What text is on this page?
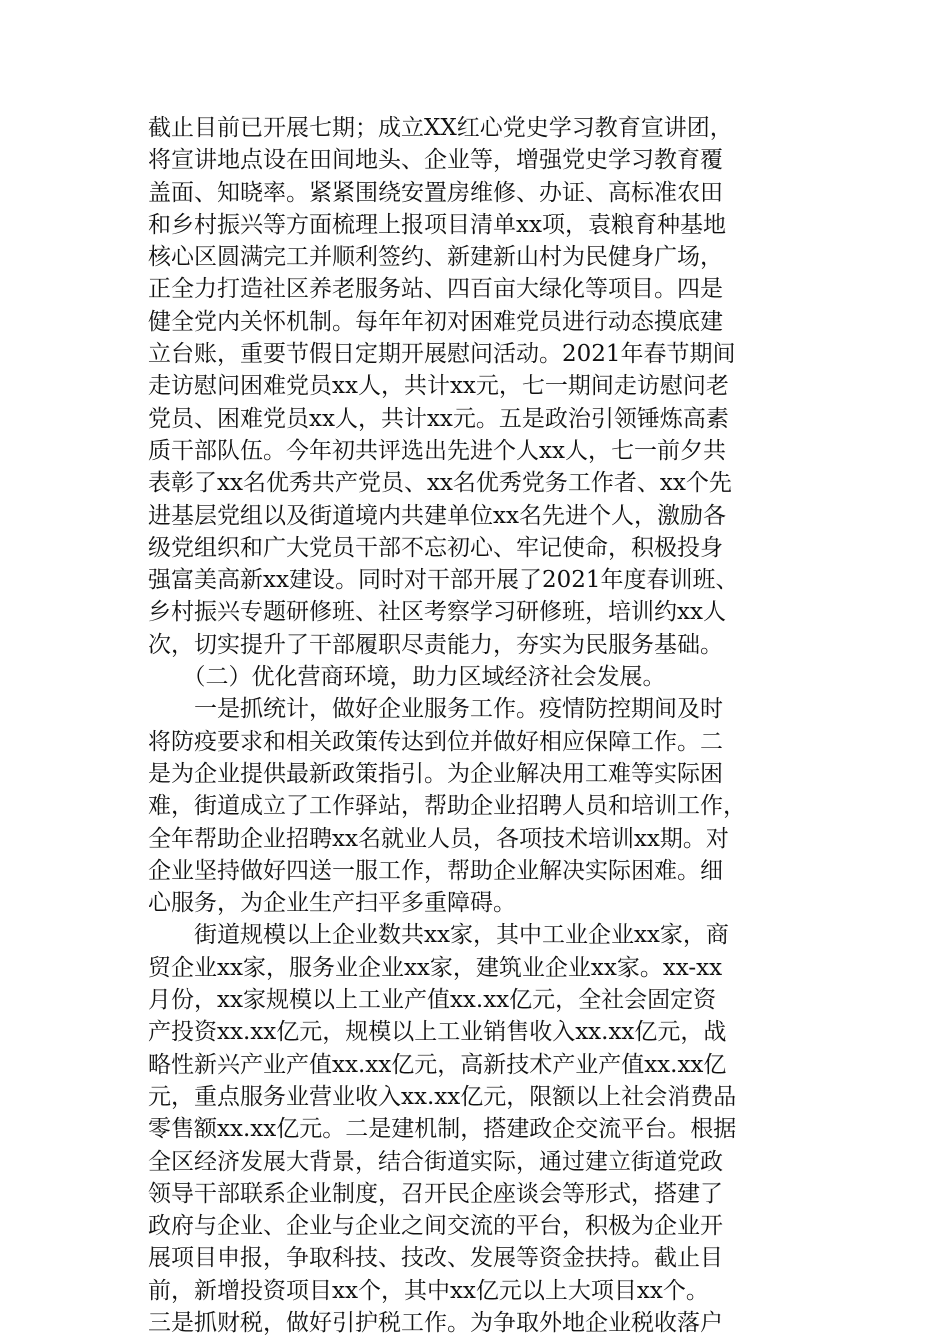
截止目前已开展七期；成立XX红心党史学习教育宣讲团，
将宣讲地点设在田间地头、企业等，增强党史学习教育覆
盖面、知晓率。紧紧围绕安置房维修、办证、高标准农田
和乡村振兴等方面梳理上报项目清单xx项，袁粮育种基地
核心区圆满完工并顺利签约、新建新山村为民健身广场，
正全力打造社区养老服务站、四百亩大绿化等项目。四是
健全党内关怀机制。每年年初对困难党员进行动态摸底建
立台账，重要节假日定期开展慰问活动。2021年春节期间
走访慰问困难党员xx人，共计xx元，七一期间走访慰问老
党员、困难党员xx人，共计xx元。五是政治引领锤炼高素
质干部队伍。今年初共评选出先进个人xx人，七一前夕共
表彰了xx名优秀共产党员、xx名优秀党务工作者、xx个先
进基层党组以及街道境内共建单位xx名先进个人，激励各
级党组织和广大党员干部不忘初心、牢记使命，积极投身
强富美高新xx建设。同时对干部开展了2021年度春训班、
乡村振兴专题研修班、社区考察学习研修班，培训约xx人
次，切实提升了干部履职尽责能力，夯实为民服务基础。
　　（二）优化营商环境，助力区域经济社会发展。
　　一是抓统计，做好企业服务工作。疫情防控期间及时
将防疫要求和相关政策传达到位并做好相应保障工作。二
是为企业提供最新政策指引。为企业解决用工难等实际困
难，街道成立了工作驿站，帮助企业招聘人员和培训工作，
全年帮助企业招聘xx名就业人员，各项技术培训xx期。对
企业坚持做好四送一服工作，帮助企业解决实际困难。细
心服务，为企业生产扫平多重障碍。
　　街道规模以上企业数共xx家，其中工业企业xx家，商
贸企业xx家，服务业企业xx家，建筑业企业xx家。xx-xx
月份，xx家规模以上工业产值xx.xx亿元，全社会固定资
产投资xx.xx亿元，规模以上工业销售收入xx.xx亿元，战
略性新兴产业产值xx.xx亿元，高新技术产业产值xx.xx亿
元，重点服务业营业收入xx.xx亿元，限额以上社会消费品
零售额xx.xx亿元。二是建机制，搭建政企交流平台。根据
全区经济发展大背景，结合街道实际，通过建立街道党政
领导干部联系企业制度，召开民企座谈会等形式，搭建了
政府与企业、企业与企业之间交流的平台，积极为企业开
展项目申报，争取科技、技改、发展等资金扶持。截止目
前，新增投资项目xx个，其中xx亿元以上大项目xx个。
三是抓财税，做好引护税工作。为争取外地企业税收落户
